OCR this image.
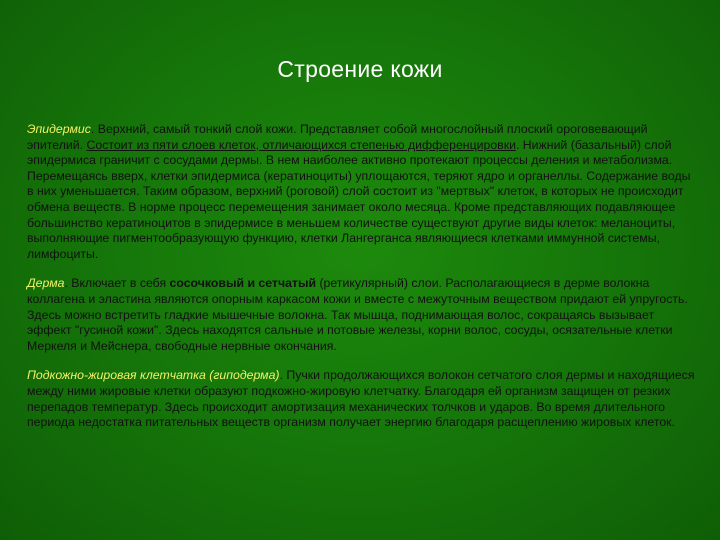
Строение кожи

Эпидермис. Верхний, самый тонкий слой кожи. Представляет собой многослойный плоский ороговевающий эпителий. Состоит из пяти слоев клеток, отличающихся степенью дифференцировки. Нижний (базальный) слой эпидермиса граничит с сосудами дермы. В нем наиболее активно протекают процессы деления и метаболизма. Перемещаясь вверх, клетки эпидермиса (кератиноциты) уплощаются, теряют ядро и органеллы. Содержание воды в них уменьшается. Таким образом, верхний (роговой) слой состоит из "мертвых" клеток, в которых не происходит обмена веществ. В норме процесс перемещения занимает около месяца. Кроме представляющих подавляющее большинство кератиноцитов в эпидермисе в меньшем количестве существуют другие виды клеток: меланоциты, выполняющие пигментообразующую функцию, клетки Лангерганса являющиеся клетками иммунной системы, лимфоциты.

Дерма. Включает в себя сосочковый и сетчатый (ретикулярный) слои. Располагающиеся в дерме волокна коллагена и эластина являются опорным каркасом кожи и вместе с межуточным веществом придают ей упругость. Здесь можно встретить гладкие мышечные волокна. Так мышца, поднимающая волос, сокращаясь вызывает эффект "гусиной кожи". Здесь находятся сальные и потовые железы, корни волос, сосуды, осязательные клетки Меркеля и Мейснера, свободные нервные окончания.

Подкожно-жировая клетчатка (гиподерма). Пучки продолжающихся волокон сетчатого слоя дермы и находящиеся между ними жировые клетки образуют подкожно-жировую клетчатку. Благодаря ей организм защищен от резких перепадов температур. Здесь происходит амортизация механических толчков и ударов. Во время длительного периода недостатка питательных веществ организм получает энергию благодаря расщеплению жировых клеток.
